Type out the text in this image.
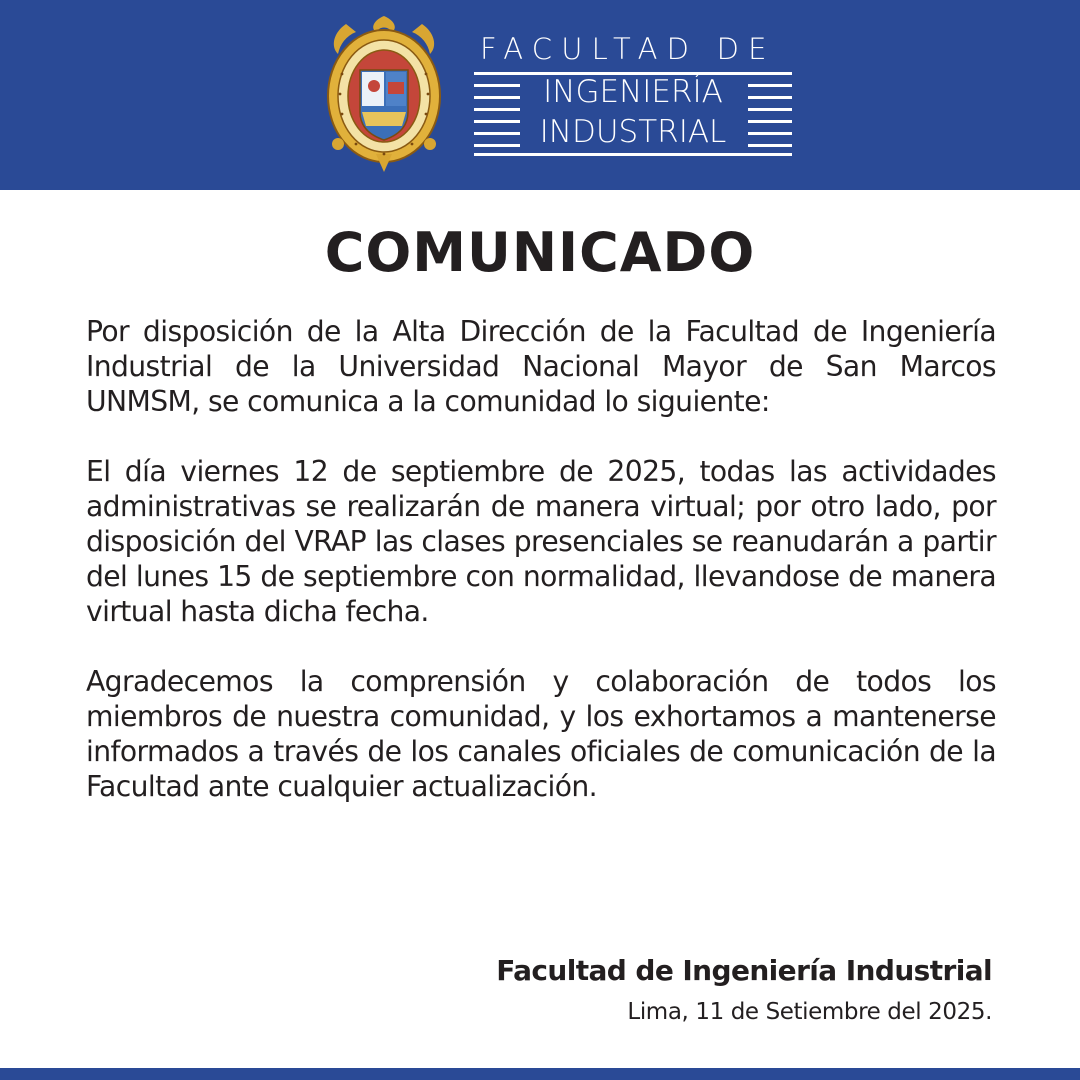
FACULTAD DE
INGENIERÍA
INDUSTRIAL
COMUNICADO

Por disposición de la Alta Dirección de la Facultad de Ingeniería Industrial de la Universidad Nacional Mayor de San Marcos UNMSM, se comunica a la comunidad lo siguiente:

El día viernes 12 de septiembre de 2025, todas las actividades administrativas se realizarán de manera virtual; por otro lado, por disposición del VRAP las clases presenciales se reanudarán a partir del lunes 15 de septiembre con normalidad, llevandose de manera virtual hasta dicha fecha.

Agradecemos la comprensión y colaboración de todos los miembros de nuestra comunidad, y los exhortamos a mantenerse informados a través de los canales oficiales de comunicación de la Facultad ante cualquier actualización.

Facultad de Ingeniería Industrial
Lima, 11 de Setiembre del 2025.
